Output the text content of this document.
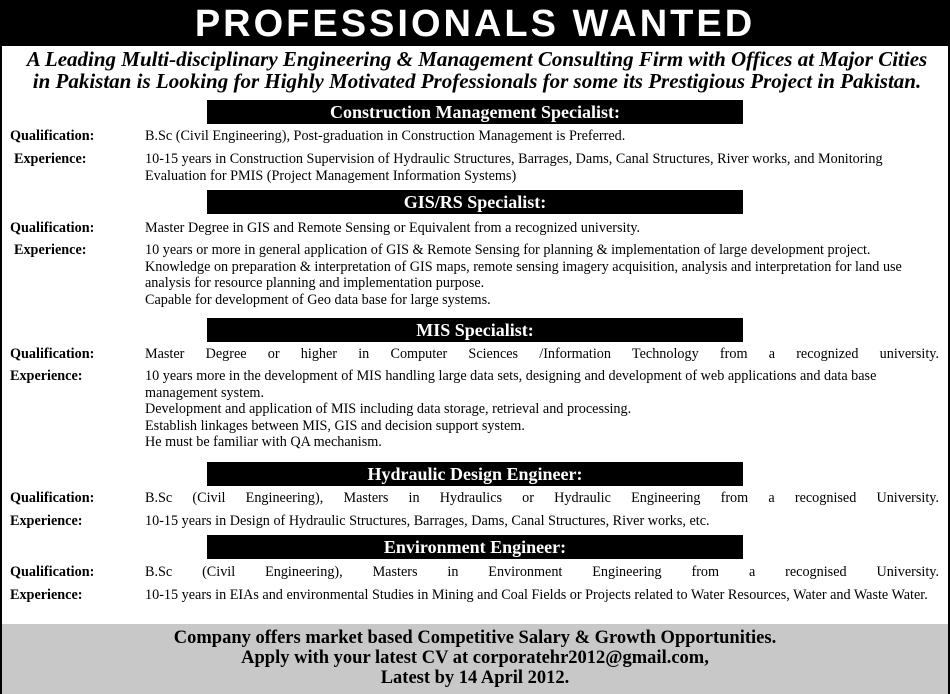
PROFESSIONALS WANTED
A Leading Multi-disciplinary Engineering & Management Consulting Firm with Offices at Major Cities
in Pakistan is Looking for Highly Motivated Professionals for some its Prestigious Project in Pakistan.
Construction Management Specialist:
Qualification:	B.Sc (Civil Engineering), Post-graduation in Construction Management is Preferred.
Experience:	10-15 years in Construction Supervision of Hydraulic Structures, Barrages, Dams, Canal Structures, River works, and Monitoring Evaluation for PMIS (Project Management Information Systems)

GIS/RS Specialist:
Qualification:	Master Degree in GIS and Remote Sensing or Equivalent from a recognized university.
Experience:	10 years or more in general application of GIS & Remote Sensing for planning & implementation of large development project. Knowledge on preparation & interpretation of GIS maps, remote sensing imagery acquisition, analysis and interpretation for land use analysis for resource planning and implementation purpose.

Capable for development of Geo data base for large systems.

MIS Specialist:
Qualification:	Master Degree or higher in Computer Sciences /Information Technology from a recognized university.
Experience:	10 years more in the development of MIS handling large data sets, designing and development of web applications and data base management system.

Development and application of MIS including data storage, retrieval and processing.

Establish linkages between MIS, GIS and decision support system.

He must be familiar with QA mechanism.

Hydraulic Design Engineer:
Qualification:	B.Sc (Civil Engineering), Masters in Hydraulics or Hydraulic Engineering from a recognised University.
Experience:	10-15 years in Design of Hydraulic Structures, Barrages, Dams, Canal Structures, River works, etc.

Environment Engineer:
Qualification:	B.Sc (Civil Engineering), Masters in Environment Engineering from a recognised University.
Experience:	10-15 years in EIAs and environmental Studies in Mining and Coal Fields or Projects related to Water Resources, Water and Waste Water.

Company offers market based Competitive Salary & Growth Opportunities.
Apply with your latest CV at corporatehr2012@gmail.com,
Latest by 14 April 2012.
